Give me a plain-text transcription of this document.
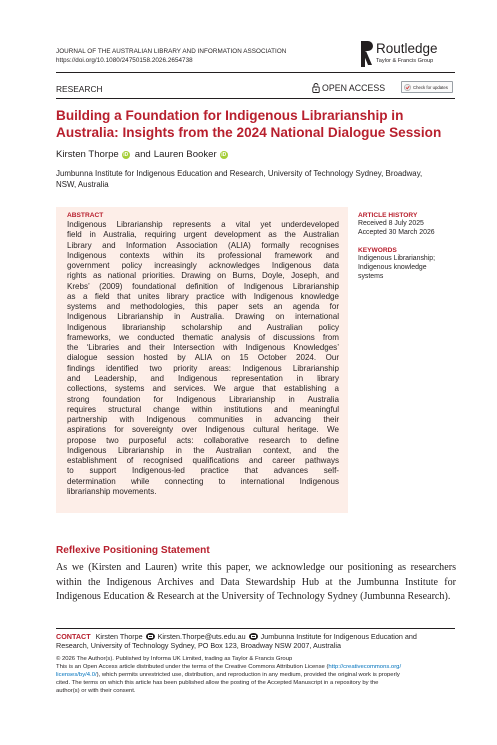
JOURNAL OF THE AUSTRALIAN LIBRARY AND INFORMATION ASSOCIATION
https://doi.org/10.1080/24750158.2026.2654738
Routledge
Taylor & Francis Group
RESEARCH	OPEN ACCESS	Check for updates
Building a Foundation for Indigenous Librarianship in
Australia: Insights from the 2024 National Dialogue Session
Kirsten Thorpe iD and Lauren Booker iD
Jumbunna Institute for Indigenous Education and Research, University of Technology Sydney, Broadway,
NSW, Australia
ABSTRACT
Indigenous Librarianship represents a vital yet underdeveloped
field in Australia, requiring urgent development as the Australian
Library and Information Association (ALIA) formally recognises
Indigenous contexts within its professional framework and
government policy increasingly acknowledges Indigenous data
rights as national priorities. Drawing on Burns, Doyle, Joseph, and
Krebs’ (2009) foundational definition of Indigenous Librarianship
as a field that unites library practice with Indigenous knowledge
systems and methodologies, this paper sets an agenda for
Indigenous Librarianship in Australia. Drawing on international
Indigenous librarianship scholarship and Australian policy
frameworks, we conducted thematic analysis of discussions from
the ‘Libraries and their Intersection with Indigenous Knowledges’
dialogue session hosted by ALIA on 15 October 2024. Our
findings identified two priority areas: Indigenous Librarianship
and Leadership, and Indigenous representation in library
collections, systems and services. We argue that establishing a
strong foundation for Indigenous Librarianship in Australia
requires structural change within institutions and meaningful
partnership with Indigenous communities in advancing their
aspirations for sovereignty over Indigenous cultural heritage. We
propose two purposeful acts: collaborative research to define
Indigenous Librarianship in the Australian context, and the
establishment of recognised qualifications and career pathways
to support Indigenous-led practice that advances self-
determination while connecting to international Indigenous
librarianship movements.
ARTICLE HISTORY
Received 8 July 2025
Accepted 30 March 2026
KEYWORDS
Indigenous Librarianship;
Indigenous knowledge
systems
Reflexive Positioning Statement
As we (Kirsten and Lauren) write this paper, we acknowledge our positioning as researchers within the Indigenous Archives and Data Stewardship Hub at the Jumbunna Institute for Indigenous Education & Research at the University of Technology Sydney (Jumbunna Research).
CONTACT Kirsten Thorpe Kirsten.Thorpe@uts.edu.au Jumbunna Institute for Indigenous Education and
Research, University of Technology Sydney, PO Box 123, Broadway NSW 2007, Australia
© 2026 The Author(s). Published by Informa UK Limited, trading as Taylor & Francis Group
This is an Open Access article distributed under the terms of the Creative Commons Attribution License (http://creativecommons.org/
licenses/by/4.0/), which permits unrestricted use, distribution, and reproduction in any medium, provided the original work is properly
cited. The terms on which this article has been published allow the posting of the Accepted Manuscript in a repository by the
author(s) or with their consent.
